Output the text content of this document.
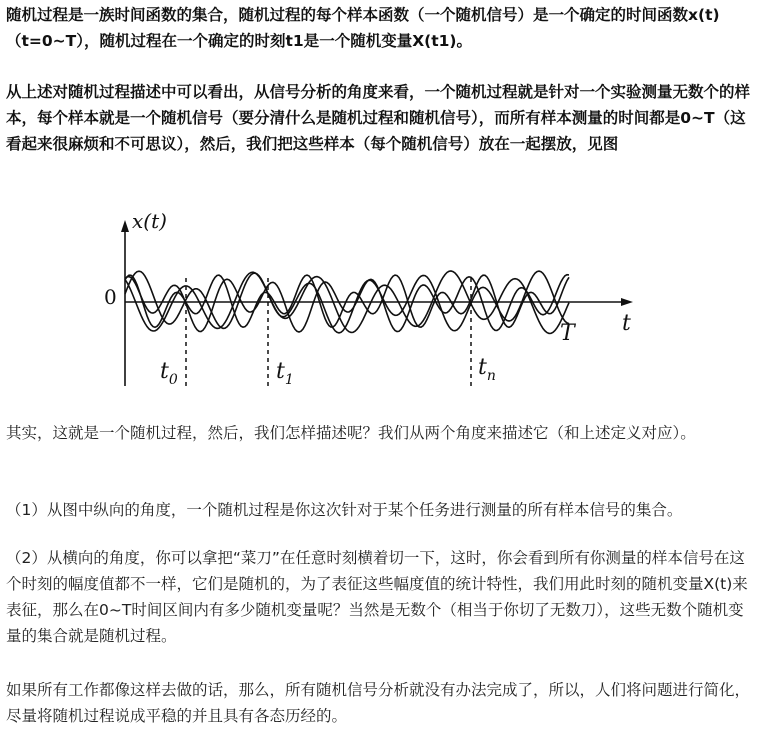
随机过程是一族时间函数的集合，随机过程的每个样本函数（一个随机信号）是一个确定的时间函数x(t)（t=0~T），随机过程在一个确定的时刻t1是一个随机变量X(t1)。

从上述对随机过程描述中可以看出，从信号分析的角度来看，一个随机过程就是针对一个实验测量无数个的样本，每个样本就是一个随机信号（要分清什么是随机过程和随机信号），而所有样本测量的时间都是0~T（这看起来很麻烦和不可思议），然后，我们把这些样本（每个随机信号）放在一起摆放，见图

x(t)
0
t
T
$t_0$	$t_1$	$t_n$

其实，这就是一个随机过程，然后，我们怎样描述呢？我们从两个角度来描述它（和上述定义对应）。

（1）从图中纵向的角度，一个随机过程是你这次针对于某个任务进行测量的所有样本信号的集合。

（2）从横向的角度，你可以拿把“菜刀”在任意时刻横着切一下，这时，你会看到所有你测量的样本信号在这个时刻的幅度值都不一样，它们是随机的，为了表征这些幅度值的统计特性，我们用此时刻的随机变量X(t)来表征，那么在0~T时间区间内有多少随机变量呢？当然是无数个（相当于你切了无数刀），这些无数个随机变量的集合就是随机过程。

如果所有工作都像这样去做的话，那么，所有随机信号分析就没有办法完成了，所以，人们将问题进行简化，尽量将随机过程说成平稳的并且具有各态历经的。
